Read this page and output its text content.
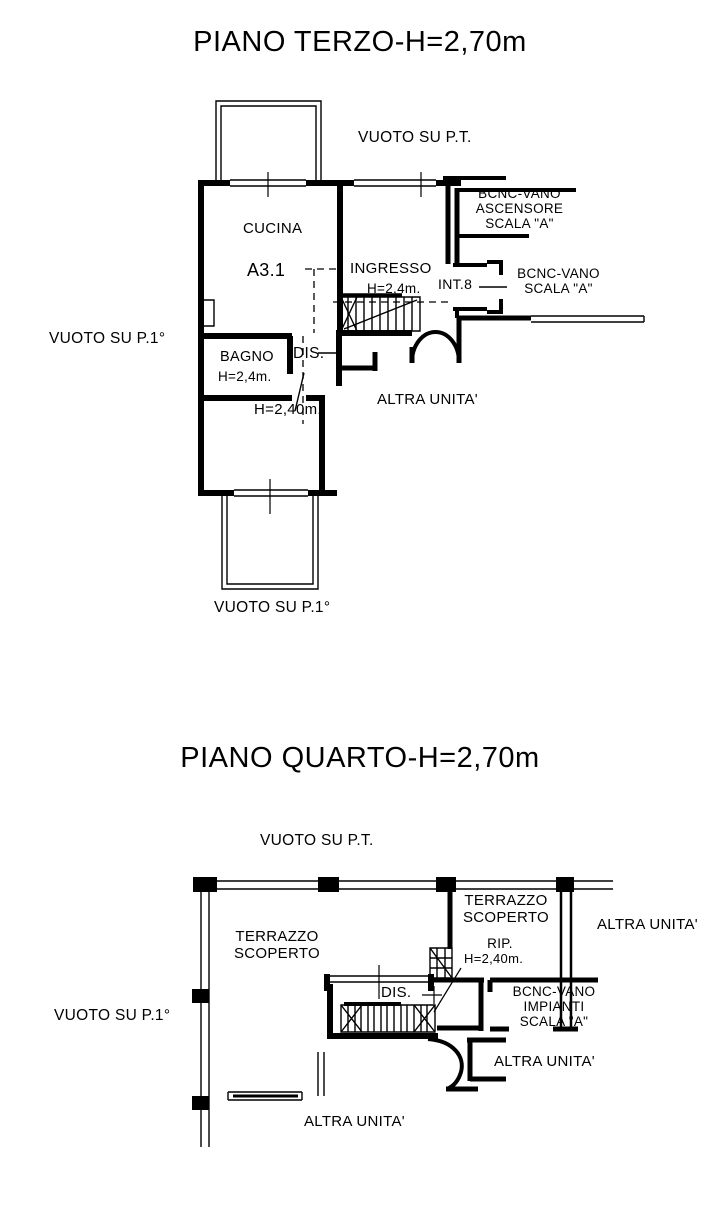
PIANO TERZO-H=2,70m
VUOTO SU P.T.
CUCINA
A3.1	INGRESSO
H=2,4m. INT.8
BCNC-VANO
ASCENSORE
SCALA "A"
BCNC-VANO
SCALA "A"
VUOTO SU P.1°
BAGNO
H=2,4m.
DIS.
H=2,40m.
ALTRA UNITA'
VUOTO SU P.1°
PIANO QUARTO-H=2,70m
VUOTO SU P.T.
TERRAZZO
SCOPERTO
TERRAZZO
SCOPERTO
RIP.
H=2,40m.
ALTRA UNITA'
DIS.	BCNC-VANO
IMPIANTI
SCALA "A"
VUOTO SU P.1°
ALTRA UNITA'
ALTRA UNITA'
